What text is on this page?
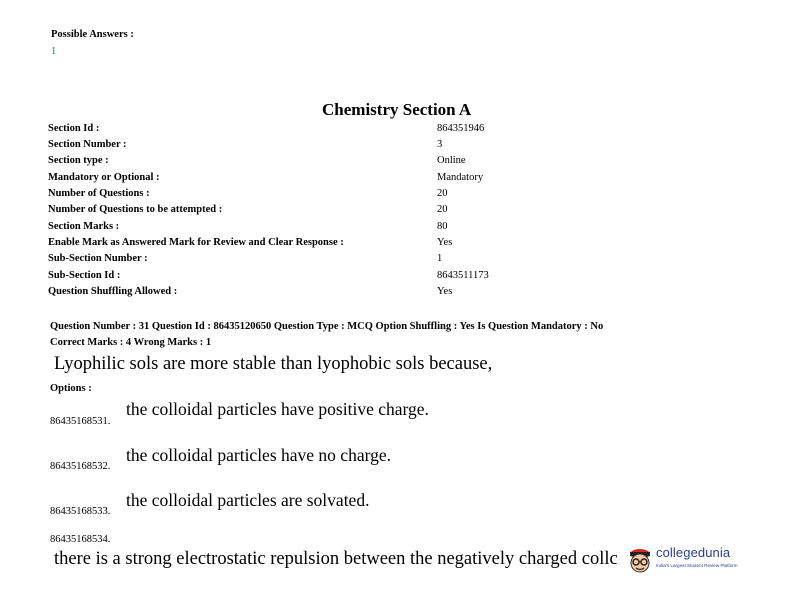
Possible Answers :
1
Chemistry Section A
Section Id :	864351946
Section Number :	3
Section type :	Online
Mandatory or Optional :	Mandatory
Number of Questions :	20
Number of Questions to be attempted :	20
Section Marks :	80
Enable Mark as Answered Mark for Review and Clear Response :	Yes
Sub-Section Number :	1
Sub-Section Id :	8643511173
Question Shuffling Allowed :	Yes
Question Number : 31 Question Id : 86435120650 Question Type : MCQ Option Shuffling : Yes Is Question Mandatory : No
Correct Marks : 4 Wrong Marks : 1
Lyophilic sols are more stable than lyophobic sols because,
Options :
86435168531.
the colloidal particles have positive charge.
86435168532.
the colloidal particles have no charge.
86435168533.
the colloidal particles are solvated.
86435168534.
there is a strong electrostatic repulsion between the negatively charged collc	collegedunia
India's Largest Student Review Platform
